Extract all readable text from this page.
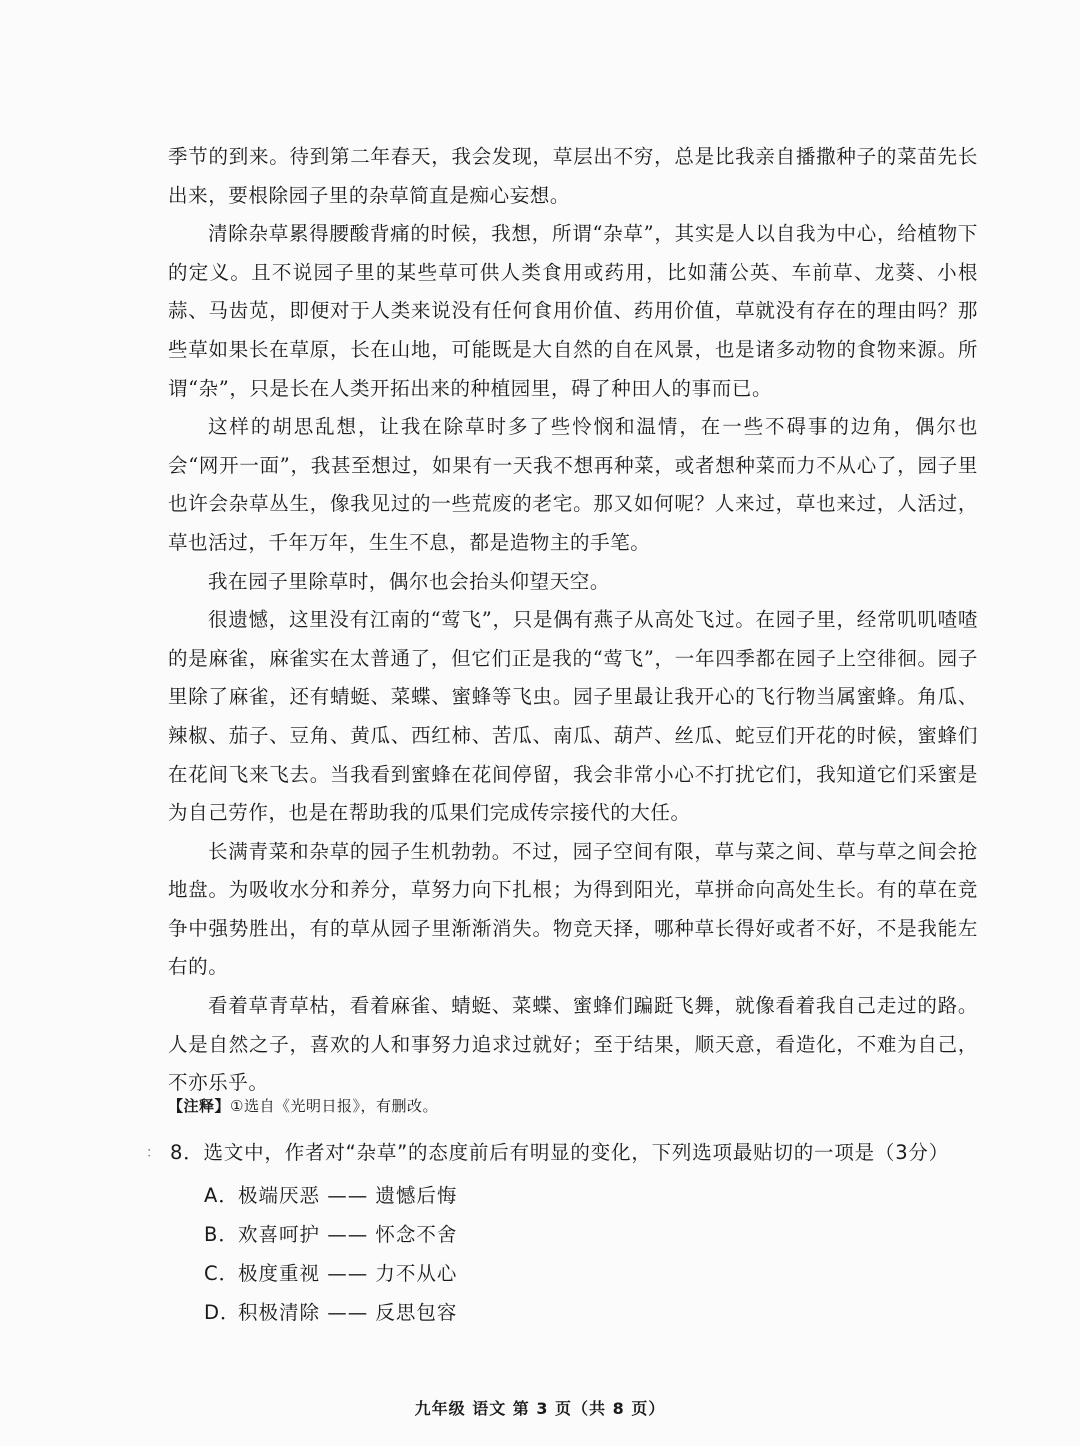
季节的到来。待到第二年春天，我会发现，草层出不穷，总是比我亲自播撒种子的菜苗先长出来，要根除园子里的杂草简直是痴心妄想。

清除杂草累得腰酸背痛的时候，我想，所谓“杂草”，其实是人以自我为中心，给植物下的定义。且不说园子里的某些草可供人类食用或药用，比如蒲公英、车前草、龙葵、小根蒜、马齿苋，即便对于人类来说没有任何食用价值、药用价值，草就没有存在的理由吗？那些草如果长在草原，长在山地，可能既是大自然的自在风景，也是诸多动物的食物来源。所谓“杂”，只是长在人类开拓出来的种植园里，碍了种田人的事而已。

这样的胡思乱想，让我在除草时多了些怜悯和温情，在一些不碍事的边角，偶尔也会“网开一面”，我甚至想过，如果有一天我不想再种菜，或者想种菜而力不从心了，园子里也许会杂草丛生，像我见过的一些荒废的老宅。那又如何呢？人来过，草也来过，人活过，草也活过，千年万年，生生不息，都是造物主的手笔。

我在园子里除草时，偶尔也会抬头仰望天空。

很遗憾，这里没有江南的“莺飞”，只是偶有燕子从高处飞过。在园子里，经常叽叽喳喳的是麻雀，麻雀实在太普通了，但它们正是我的“莺飞”，一年四季都在园子上空徘徊。园子里除了麻雀，还有蜻蜓、菜蝶、蜜蜂等飞虫。园子里最让我开心的飞行物当属蜜蜂。角瓜、辣椒、茄子、豆角、黄瓜、西红柿、苦瓜、南瓜、葫芦、丝瓜、蛇豆们开花的时候，蜜蜂们在花间飞来飞去。当我看到蜜蜂在花间停留，我会非常小心不打扰它们，我知道它们采蜜是为自己劳作，也是在帮助我的瓜果们完成传宗接代的大任。

长满青菜和杂草的园子生机勃勃。不过，园子空间有限，草与菜之间、草与草之间会抢地盘。为吸收水分和养分，草努力向下扎根；为得到阳光，草拼命向高处生长。有的草在竞争中强势胜出，有的草从园子里渐渐消失。物竞天择，哪种草长得好或者不好，不是我能左右的。

看着草青草枯，看着麻雀、蜻蜓、菜蝶、蜜蜂们蹁跹飞舞，就像看着我自己走过的路。人是自然之子，喜欢的人和事努力追求过就好；至于结果，顺天意，看造化，不难为自己，不亦乐乎。

【注释】①选自《光明日报》，有删改。
： 8． 选文中，作者对“杂草”的态度前后有明显的变化，下列选项最贴切的一项是（3分）
A． 极端厌恶 —— 遗憾后悔
B． 欢喜呵护 —— 怀念不舍
C．
极度重视 —— 力不从心
D．
积极清除 —— 反思包容
九年级 语文 第 3 页（共 8 页）
